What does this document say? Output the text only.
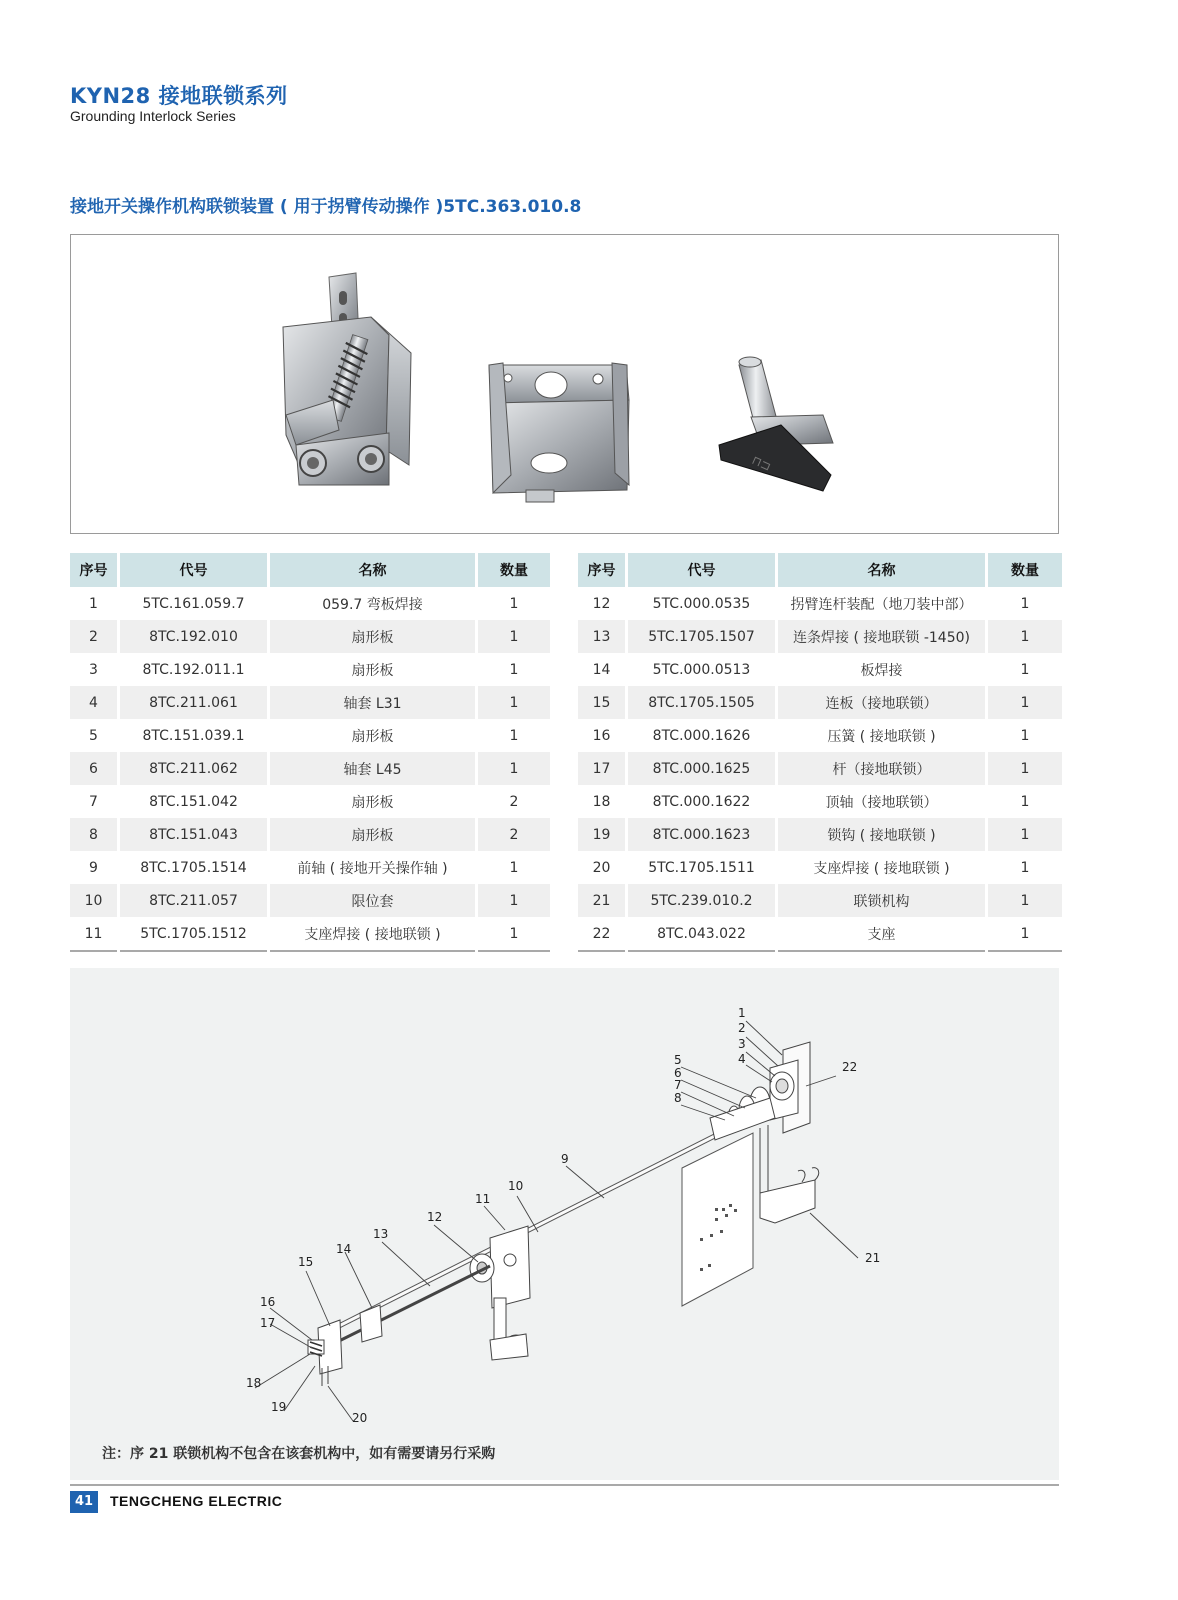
KYN28 接地联锁系列
Grounding Interlock Series
接地开关操作机构联锁装置 ( 用于拐臂传动操作 )5TC.363.010.8
⊓⊐
序号	代号	名称	数量
1	5TC.161.059.7	059.7 弯板焊接	1
2	8TC.192.010	扇形板	1
3	8TC.192.011.1	扇形板	1
4	8TC.211.061	轴套 L31	1
5	8TC.151.039.1	扇形板	1
6	8TC.211.062	轴套 L45	1
7	8TC.151.042	扇形板	2
8	8TC.151.043	扇形板	2
9	8TC.1705.1514	前轴 ( 接地开关操作轴 )	1
10	8TC.211.057	限位套	1
11	5TC.1705.1512	支座焊接 ( 接地联锁 )	1
序号	代号	名称	数量
12	5TC.000.0535	拐臂连杆装配（地刀装中部）	1
13	5TC.1705.1507	连条焊接 ( 接地联锁 -1450)	1
14	5TC.000.0513	板焊接	1
15	8TC.1705.1505	连板（接地联锁）	1
16	8TC.000.1626	压簧 ( 接地联锁 )	1
17	8TC.000.1625	杆（接地联锁）	1
18	8TC.000.1622	顶轴（接地联锁）	1
19	8TC.000.1623	锁钩 ( 接地联锁 )	1
20	5TC.1705.1511	支座焊接 ( 接地联锁 )	1
21	5TC.239.010.2	联锁机构	1
22	8TC.043.022	支座	1
1
2
3
4
5
6
7
8
9
10
11
12
13
14
15
16
17
18
19
20
21
22
注：序 21 联锁机构不包含在该套机构中，如有需要请另行采购
41	TENGCHENG ELECTRIC
